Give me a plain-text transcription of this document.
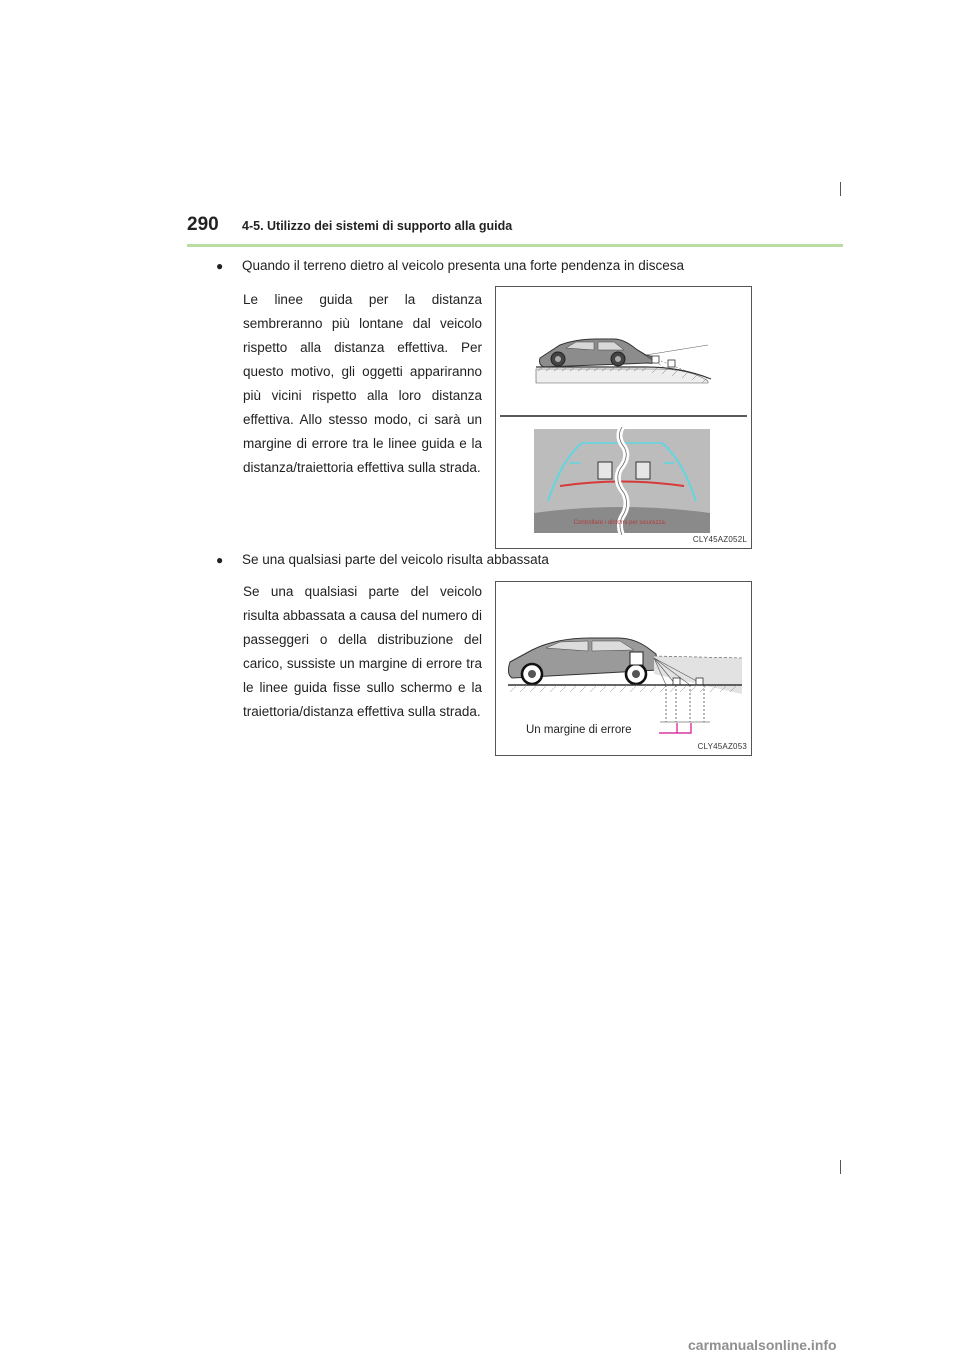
290	4-5. Utilizzo dei sistemi di supporto alla guida
●	Quando il terreno dietro al veicolo presenta una forte pendenza in discesa
Le linee guida per la distanza sembreranno più lontane dal veicolo rispetto alla distanza effettiva. Per questo motivo, gli oggetti appariranno più vicini rispetto alla loro distanza effettiva. Allo stesso modo, ci sarà un margine di errore tra le linee guida e la distanza/traiettoria effettiva sulla strada.
Controllare i dintorni per sicurezza.
CLY45AZ052L
●	Se una qualsiasi parte del veicolo risulta abbassata
Se una qualsiasi parte del veicolo risulta abbassata a causa del numero di passeggeri o della distribuzione del carico, sussiste un margine di errore tra le linee guida fisse sullo schermo e la traiettoria/distanza effettiva sulla strada.
Un margine di errore
CLY45AZ053
carmanualsonline.info
